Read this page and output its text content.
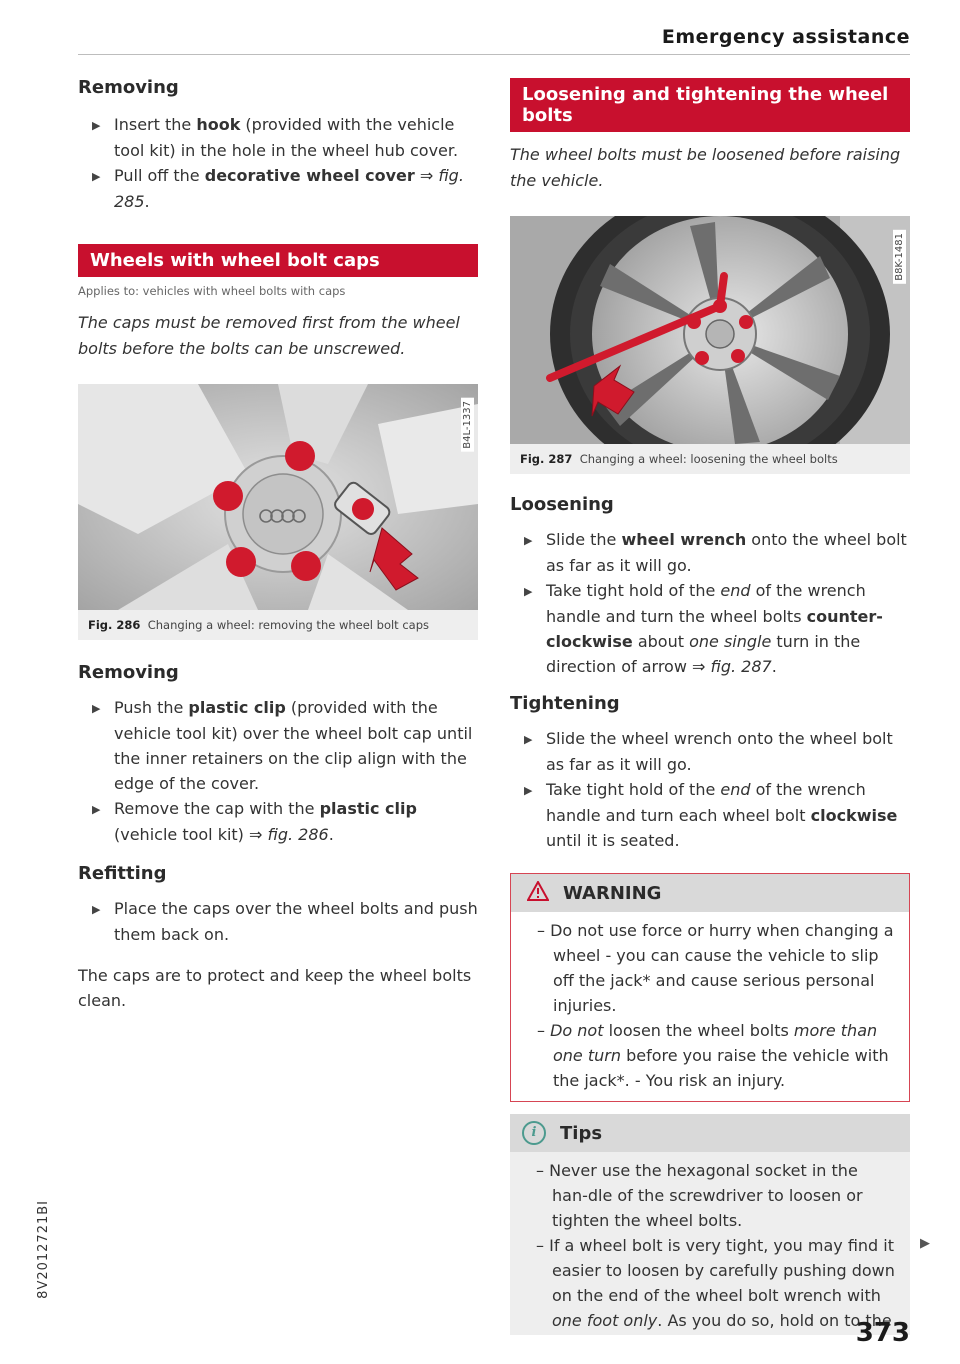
Emergency assistance
Removing

▶ Insert the hook (provided with the vehicle tool kit) in the hole in the wheel hub cover.

▶ Pull off the decorative wheel cover ⇒ fig. 285.

Wheels with wheel bolt caps
Applies to: vehicles with wheel bolts with caps

The caps must be removed first from the wheel bolts before the bolts can be unscrewed.

B4L-1337
Fig. 286 Changing a wheel: removing the wheel bolt caps
Removing

▶ Push the plastic clip (provided with the vehicle tool kit) over the wheel bolt cap until the inner retainers on the clip align with the edge of the cover.

▶ Remove the cap with the plastic clip (vehicle tool kit) ⇒ fig. 286.

Refitting

▶ Place the caps over the wheel bolts and push them back on.

The caps are to protect and keep the wheel bolts clean.

Loosening and tightening the wheel bolts

The wheel bolts must be loosened before raising the vehicle.

B8K-1481
Fig. 287 Changing a wheel: loosening the wheel bolts
Loosening

▶ Slide the wheel wrench onto the wheel bolt as far as it will go.

▶ Take tight hold of the end of the wrench handle and turn the wheel bolts counter-clockwise about one single turn in the direction of arrow ⇒ fig. 287.

Tightening

▶ Slide the wheel wrench onto the wheel bolt as far as it will go.

▶ Take tight hold of the end of the wrench handle and turn each wheel bolt clockwise until it is seated.

WARNING

– Do not use force or hurry when changing a wheel - you can cause the vehicle to slip off the jack* and cause serious personal injuries.

– Do not loosen the wheel bolts more than one turn before you raise the vehicle with the jack*. - You risk an injury.

i	Tips

– Never use the hexagonal socket in the han-dle of the screwdriver to loosen or tighten the wheel bolts.

– If a wheel bolt is very tight, you may find it easier to loosen by carefully pushing down on the end of the wheel bolt wrench with one foot only. As you do so, hold on to the

▶
8V2012721BI
373
